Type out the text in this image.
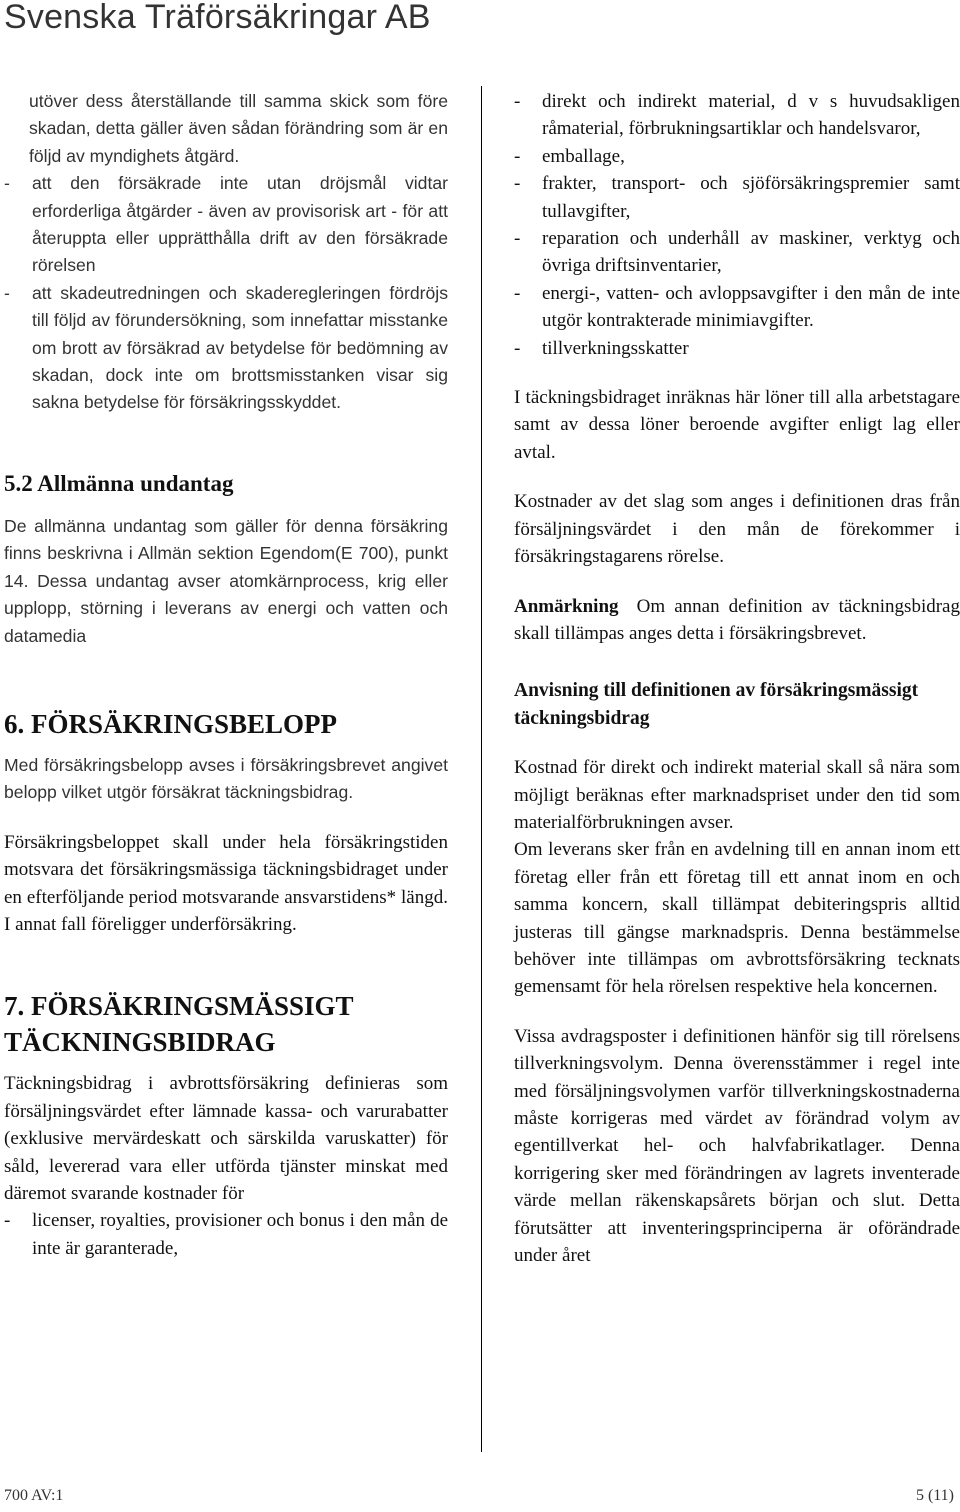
Svenska Träförsäkringar AB
utöver dess återställande till samma skick som före skadan, detta gäller även sådan förändring som är en följd av myndighets åtgärd.
- att den försäkrade inte utan dröjsmål vidtar erforderliga åtgärder - även av provisorisk art - för att återuppta eller upprätthålla drift av den försäkrade rörelsen
- att skadeutredningen och skaderegleringen fördröjs till följd av förundersökning, som innefattar misstanke om brott av försäkrad av betydelse för bedömning av skadan, dock inte om brottsmisstanken visar sig sakna betydelse för försäkringsskyddet.
5.2 Allmänna undantag
De allmänna undantag som gäller för denna försäkring finns beskrivna i Allmän sektion Egendom(E 700), punkt 14. Dessa undantag avser atomkärnprocess, krig eller upplopp, störning i leverans av energi och vatten och datamedia
6. FÖRSÄKRINGSBELOPP
Med försäkringsbelopp avses i försäkringsbrevet angivet belopp vilket utgör försäkrat täckningsbidrag.
Försäkringsbeloppet skall under hela försäkringstiden motsvara det försäkringsmässiga täckningsbidraget under en efterföljande period motsvarande ansvarstidens* längd. I annat fall föreligger underförsäkring.
7. FÖRSÄKRINGSMÄSSIGT TÄCKNINGSBIDRAG
Täckningsbidrag i avbrottsförsäkring definieras som försäljningsvärdet efter lämnade kassa- och varurabatter (exklusive mervärdeskatt och särskilda varuskatter) för såld, levererad vara eller utförda tjänster minskat med däremot svarande kostnader för
- licenser, royalties, provisioner och bonus i den mån de inte är garanterade,
- direkt och indirekt material, d v s huvudsakligen råmaterial, förbrukningsartiklar och handelsvaror,
- emballage,
- frakter, transport- och sjöförsäkringspremier samt tullavgifter,
- reparation och underhåll av maskiner, verktyg och övriga driftsinventarier,
- energi-, vatten- och avloppsavgifter i den mån de inte utgör kontrakterade minimiavgifter.
- tillverkningsskatter
I täckningsbidraget inräknas här löner till alla arbetstagare samt av dessa löner beroende avgifter enligt lag eller avtal.
Kostnader av det slag som anges i definitionen dras från försäljningsvärdet i den mån de förekommer i försäkringstagarens rörelse.
Anmärkning Om annan definition av täckningsbidrag skall tillämpas anges detta i försäkringsbrevet.
Anvisning till definitionen av försäkringsmässigt täckningsbidrag
Kostnad för direkt och indirekt material skall så nära som möjligt beräknas efter marknadspriset under den tid som materialförbrukningen avser.
Om leverans sker från en avdelning till en annan inom ett företag eller från ett företag till ett annat inom en och samma koncern, skall tillämpat debiteringspris alltid justeras till gängse marknadspris. Denna bestämmelse behöver inte tillämpas om avbrottsförsäkring tecknats gemensamt för hela rörelsen respektive hela koncernen.
Vissa avdragsposter i definitionen hänför sig till rörelsens tillverkningsvolym. Denna överensstämmer i regel inte med försäljningsvolymen varför tillverkningskostnaderna måste korrigeras med värdet av förändrad volym av egentillverkat hel- och halvfabrikatlager. Denna korrigering sker med förändringen av lagrets inventerade värde mellan räkenskapsårets början och slut. Detta förutsätter att inventeringsprinciperna är oförändrade under året
700 AV:1	5 (11)
